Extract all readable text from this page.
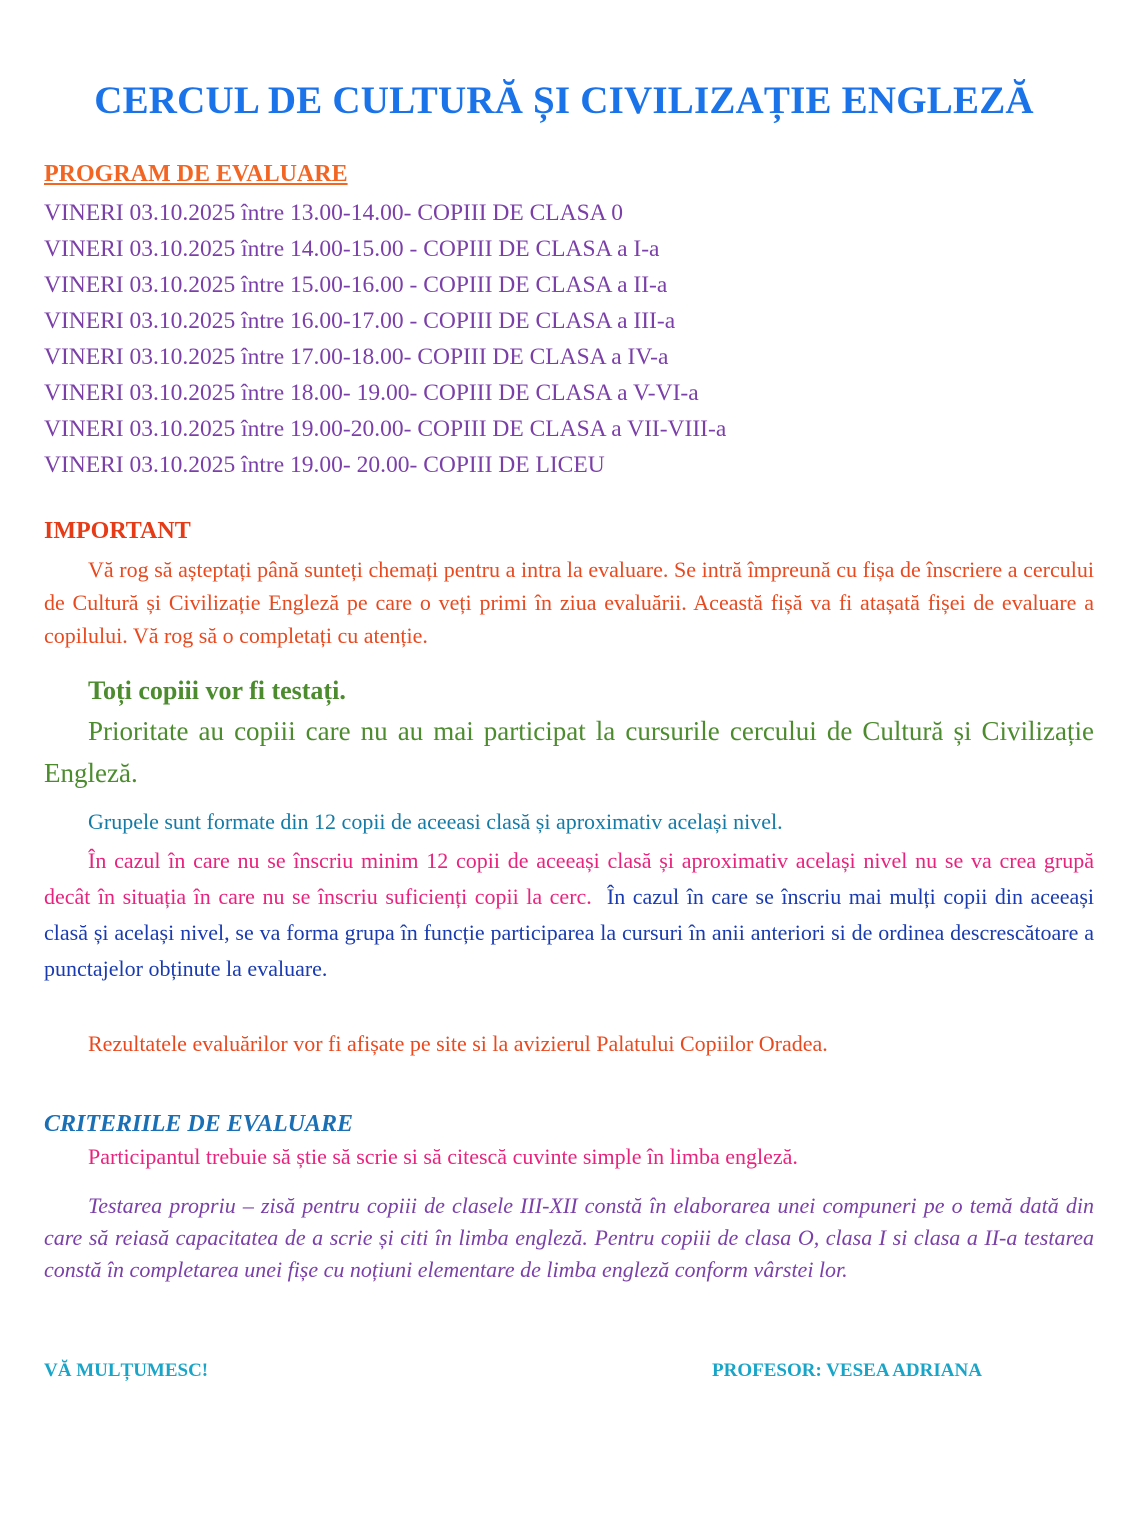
CERCUL DE CULTURĂ ȘI CIVILIZAȚIE ENGLEZĂ
PROGRAM DE EVALUARE
VINERI 03.10.2025 între 13.00-14.00- COPIII DE CLASA 0
VINERI 03.10.2025 între 14.00-15.00 - COPIII DE CLASA a I-a
VINERI 03.10.2025 între 15.00-16.00 - COPIII DE CLASA a II-a
VINERI 03.10.2025 între 16.00-17.00 - COPIII DE CLASA a III-a
VINERI 03.10.2025 între 17.00-18.00- COPIII DE CLASA a IV-a
VINERI 03.10.2025 între 18.00- 19.00- COPIII DE CLASA a V-VI-a
VINERI 03.10.2025 între 19.00-20.00- COPIII DE CLASA a VII-VIII-a
VINERI 03.10.2025 între 19.00- 20.00- COPIII DE LICEU
IMPORTANT

Vă rog să așteptați până sunteți chemați pentru a intra la evaluare. Se intră împreună cu fișa de înscriere a cercului de Cultură și Civilizație Engleză pe care o veți primi în ziua evaluării. Această fișă va fi atașată fișei de evaluare a copilului. Vă rog să o completați cu atenție.

Toți copiii vor fi testați.

Prioritate au copiii care nu au mai participat la cursurile cercului de Cultură și Civilizație Engleză.

Grupele sunt formate din 12 copii de aceeasi clasă și aproximativ același nivel.

În cazul în care nu se înscriu minim 12 copii de aceeași clasă și aproximativ același nivel nu se va crea grupă decât în situația în care nu se înscriu suficienți copii la cerc. În cazul în care se înscriu mai mulți copii din aceeași clasă și același nivel, se va forma grupa în funcție participarea la cursuri în anii anteriori si de ordinea descrescătoare a punctajelor obținute la evaluare.

Rezultatele evaluărilor vor fi afișate pe site si la avizierul Palatului Copiilor Oradea.
CRITERIILE DE EVALUARE
Participantul trebuie să știe să scrie si să citescă cuvinte simple în limba engleză.

Testarea propriu – zisă pentru copiii de clasele III-XII constă în elaborarea unei compuneri pe o temă dată din care să reiasă capacitatea de a scrie și citi în limba engleză. Pentru copiii de clasa O, clasa I si clasa a II-a testarea constă în completarea unei fișe cu noțiuni elementare de limba engleză conform vârstei lor.

VĂ MULȚUMESC!	PROFESOR: VESEA ADRIANA
